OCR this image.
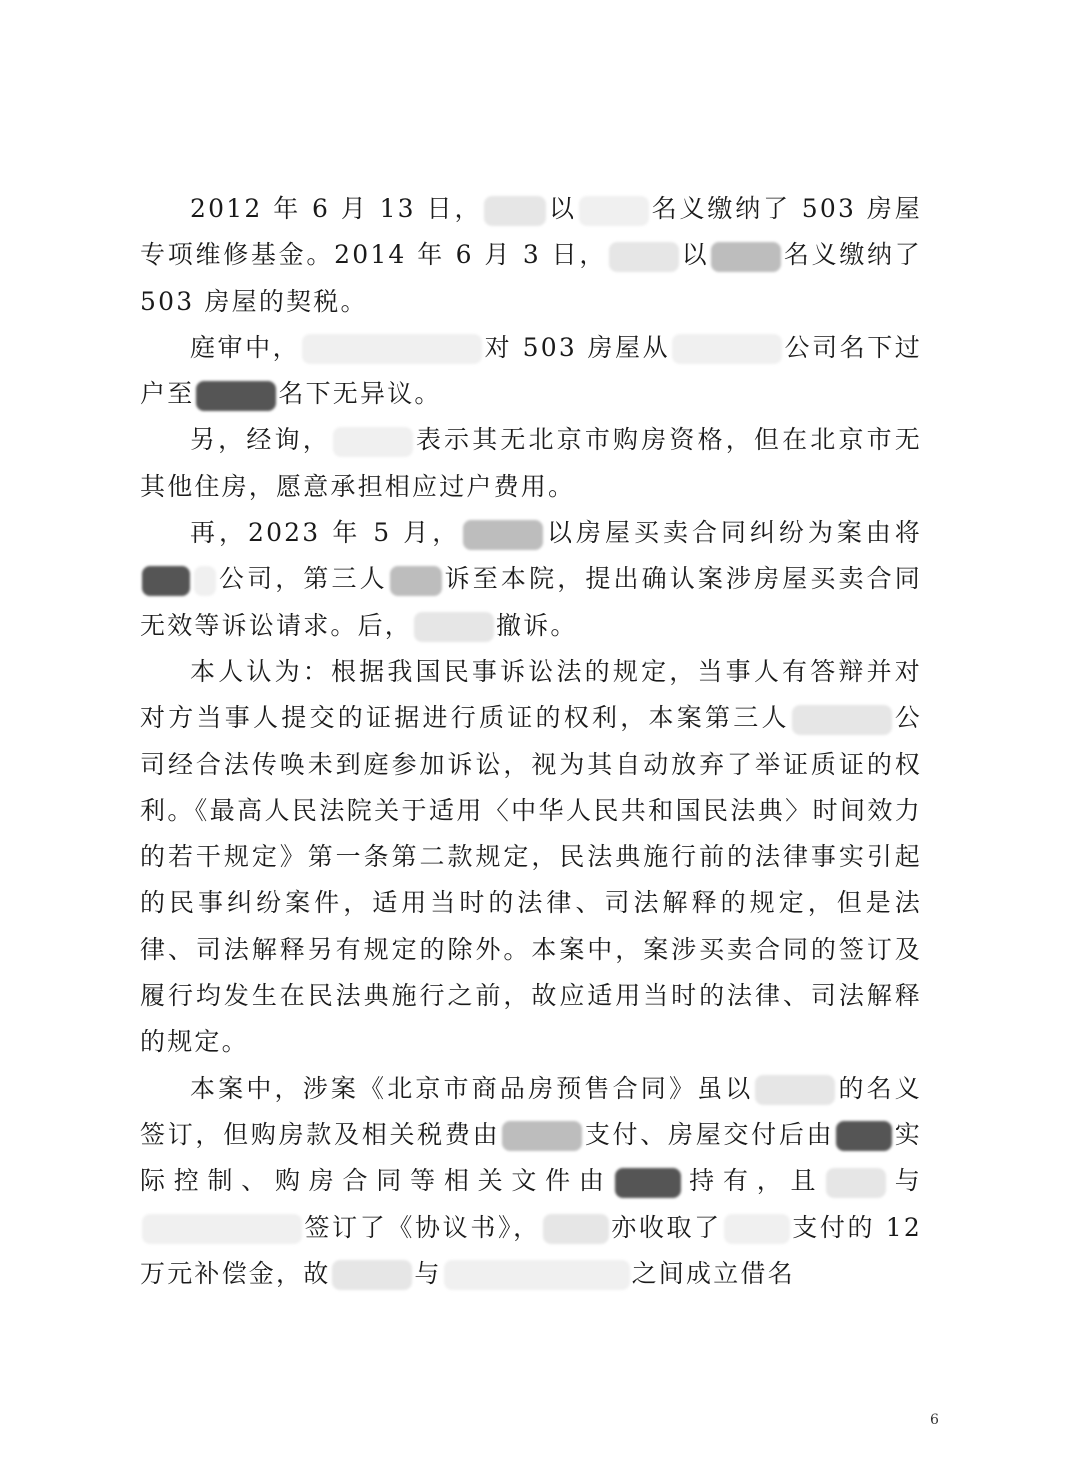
2012 年 6 月 13 日，	以	名义缴纳了 503 房屋专项维修基金。2014 年 6 月 3 日，	以	名义缴纳了 503 房屋的契税。

庭审中，	对 503 房屋从	公司名下过户至	名下无异议。

另，经询，	表示其无北京市购房资格，但在北京市无其他住房，愿意承担相应过户费用。

再，2023 年 5 月，	以房屋买卖合同纠纷为案由将公司，第三人 诉至本院，提出确认案涉房屋买卖合同无效等诉讼请求。后，	撤诉。

本人认为：根据我国民事诉讼法的规定，当事人有答辩并对对方当事人提交的证据进行质证的权利，本案第三人	公司经合法传唤未到庭参加诉讼，视为其自动放弃了举证质证的权利。《最高人民法院关于适用〈中华人民共和国民法典〉时间效力的若干规定》第一条第二款规定，民法典施行前的法律事实引起的民事纠纷案件，适用当时的法律、司法解释的规定，但是法律、司法解释另有规定的除外。本案中，案涉买卖合同的签订及履行均发生在民法典施行之前，故应适用当时的法律、司法解释的规定。

本案中，涉案《北京市商品房预售合同》虽以	的名义签订，但购房款及相关税费由	支付、房屋交付后由 实际控制、购房合同等相关文件由	持有，且	与签订了《协议书》，	亦收取了	支付的 12 万元补偿金，故	与	之间成立借名

6
